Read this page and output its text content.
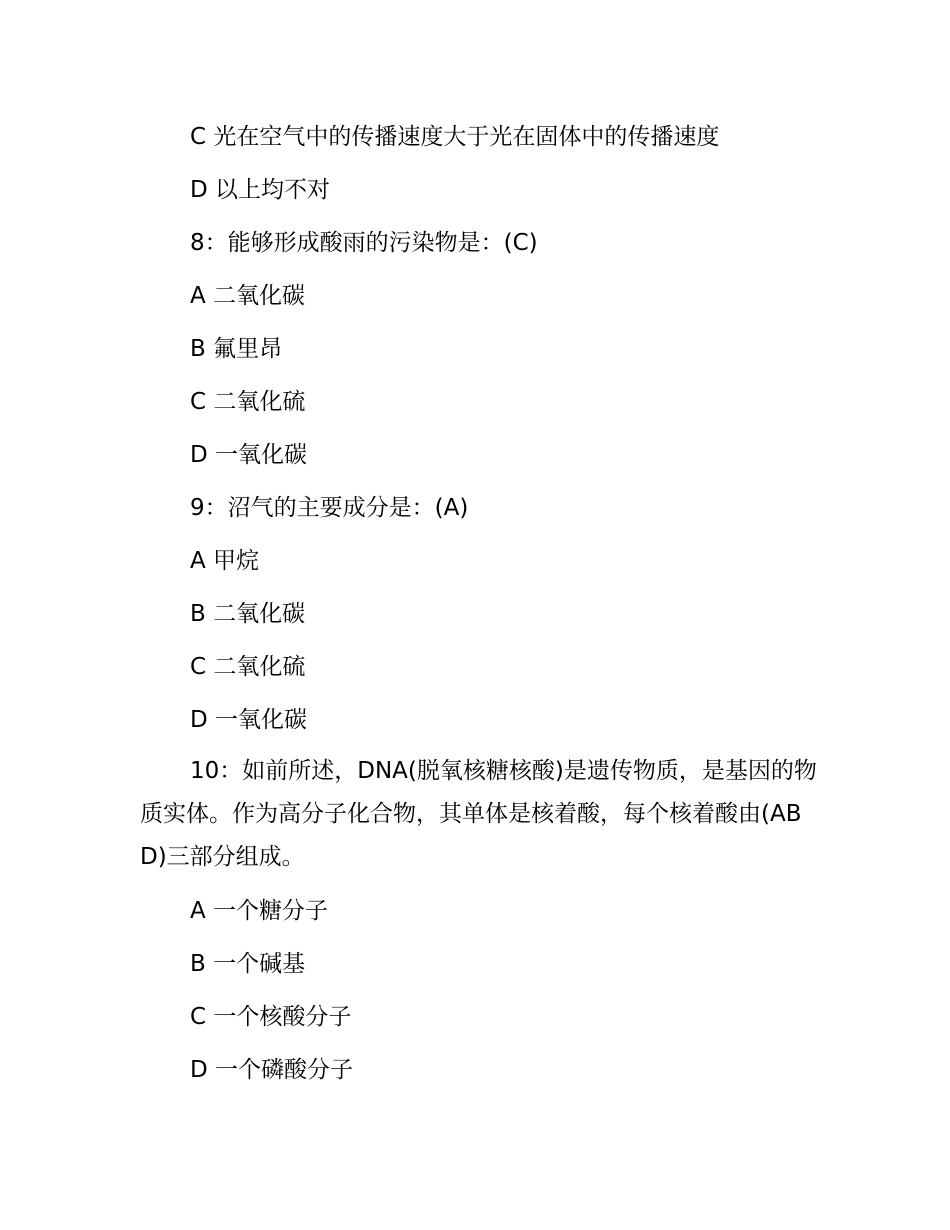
C 光在空气中的传播速度大于光在固体中的传播速度
D 以上均不对
8：能够形成酸雨的污染物是：(C)
A 二氧化碳
B 氟里昂
C 二氧化硫
D 一氧化碳
9：沼气的主要成分是：(A)
A 甲烷
B 二氧化碳
C 二氧化硫
D 一氧化碳
10：如前所述，DNA(脱氧核糖核酸)是遗传物质，是基因的物质实体。作为高分子化合物，其单体是核着酸，每个核着酸由(ABD)三部分组成。
A 一个糖分子
B 一个碱基
C 一个核酸分子
D 一个磷酸分子
